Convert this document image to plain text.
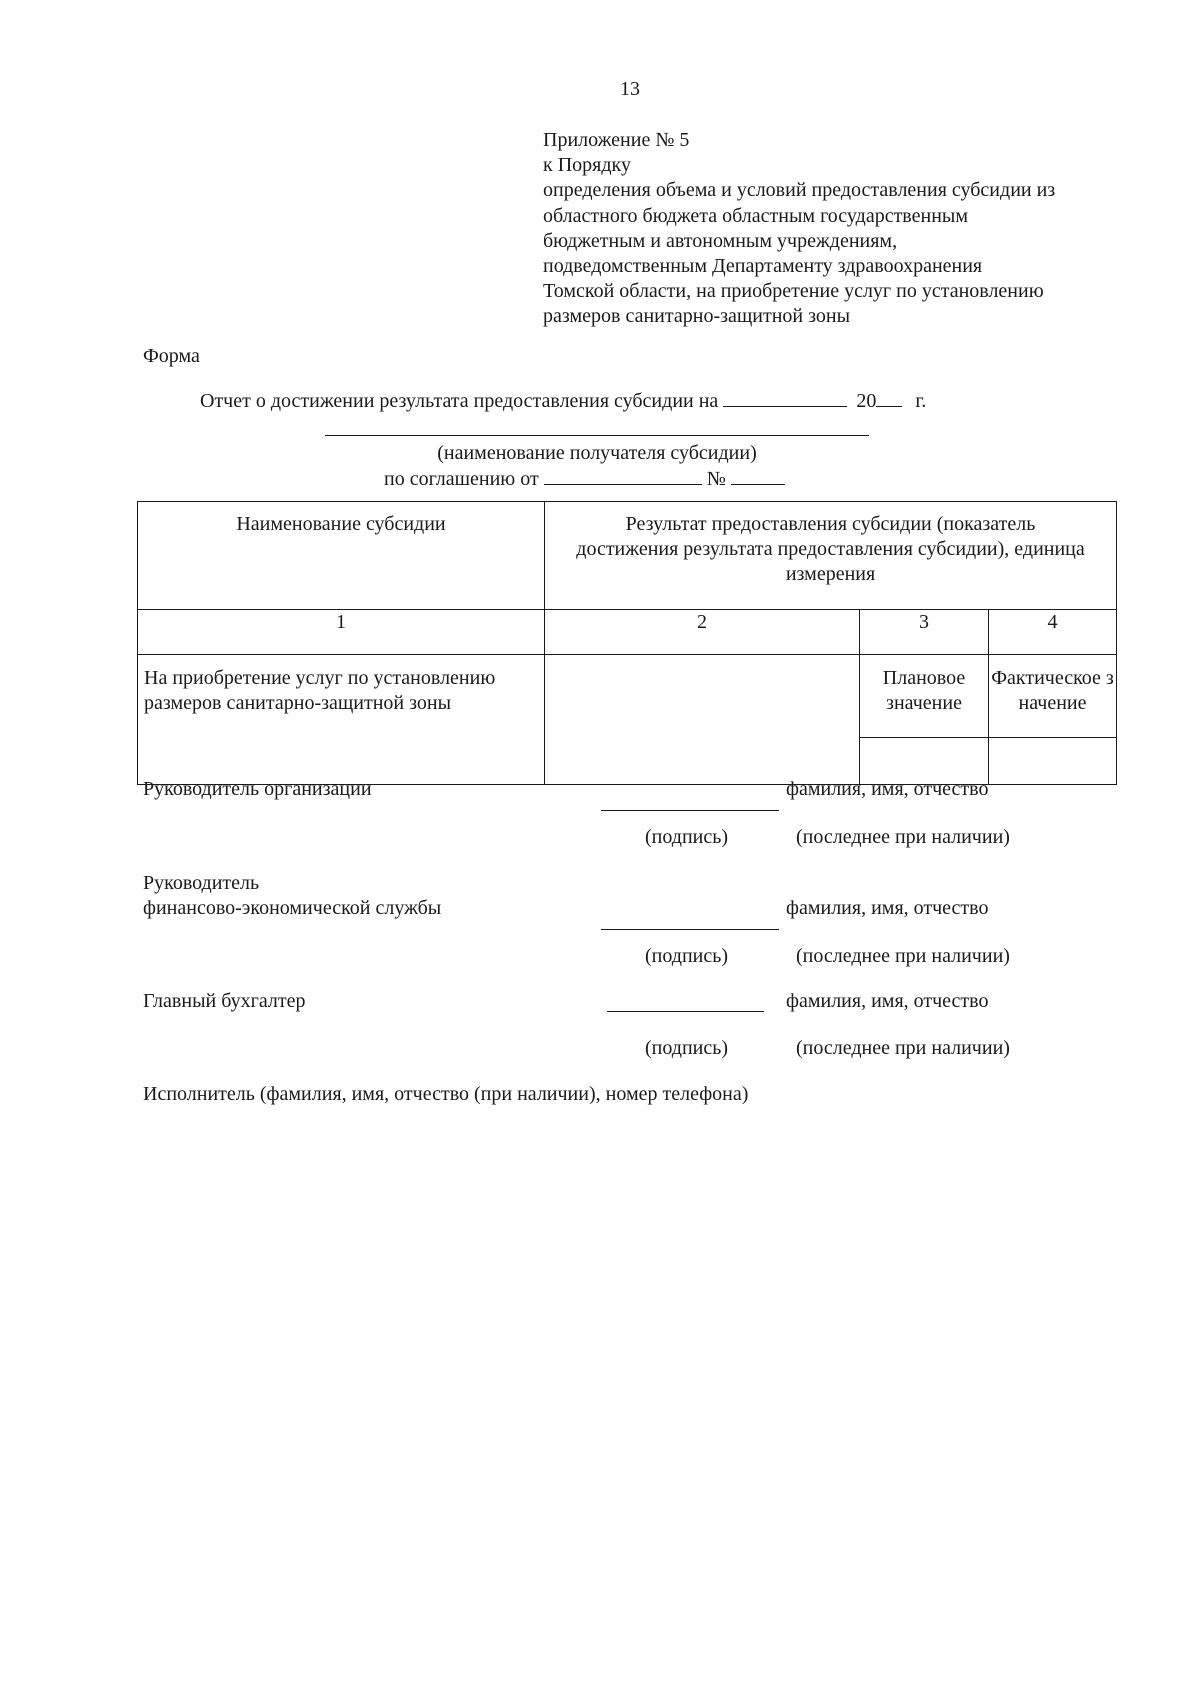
13
Приложение № 5
к Порядку
определения объема и условий предоставления субсидии из
областного бюджета областным государственным
бюджетным и автономным учреждениям,
подведомственным Департаменту здравоохранения
Томской области, на приобретение услуг по установлению
размеров санитарно-защитной зоны
Форма
Отчет о достижении результата предоставления субсидии на	20 г.
(наименование получателя субсидии)
по соглашению от	№
Наименование субсидии	Результат предоставления субсидии (показатель достижения результата предоставления субсидии), единица измерения		
1	2	3	4
На приобретение услуг по установлению размеров санитарно-защитной зоны		Плановое значение	Фактическое значение

Руководитель организации	фамилия, имя, отчество
(подпись)	(последнее при наличии)
Руководитель
финансово-экономической службы	фамилия, имя, отчество
(подпись)	(последнее при наличии)
Главный бухгалтер	фамилия, имя, отчество
(подпись)	(последнее при наличии)
Исполнитель (фамилия, имя, отчество (при наличии), номер телефона)
